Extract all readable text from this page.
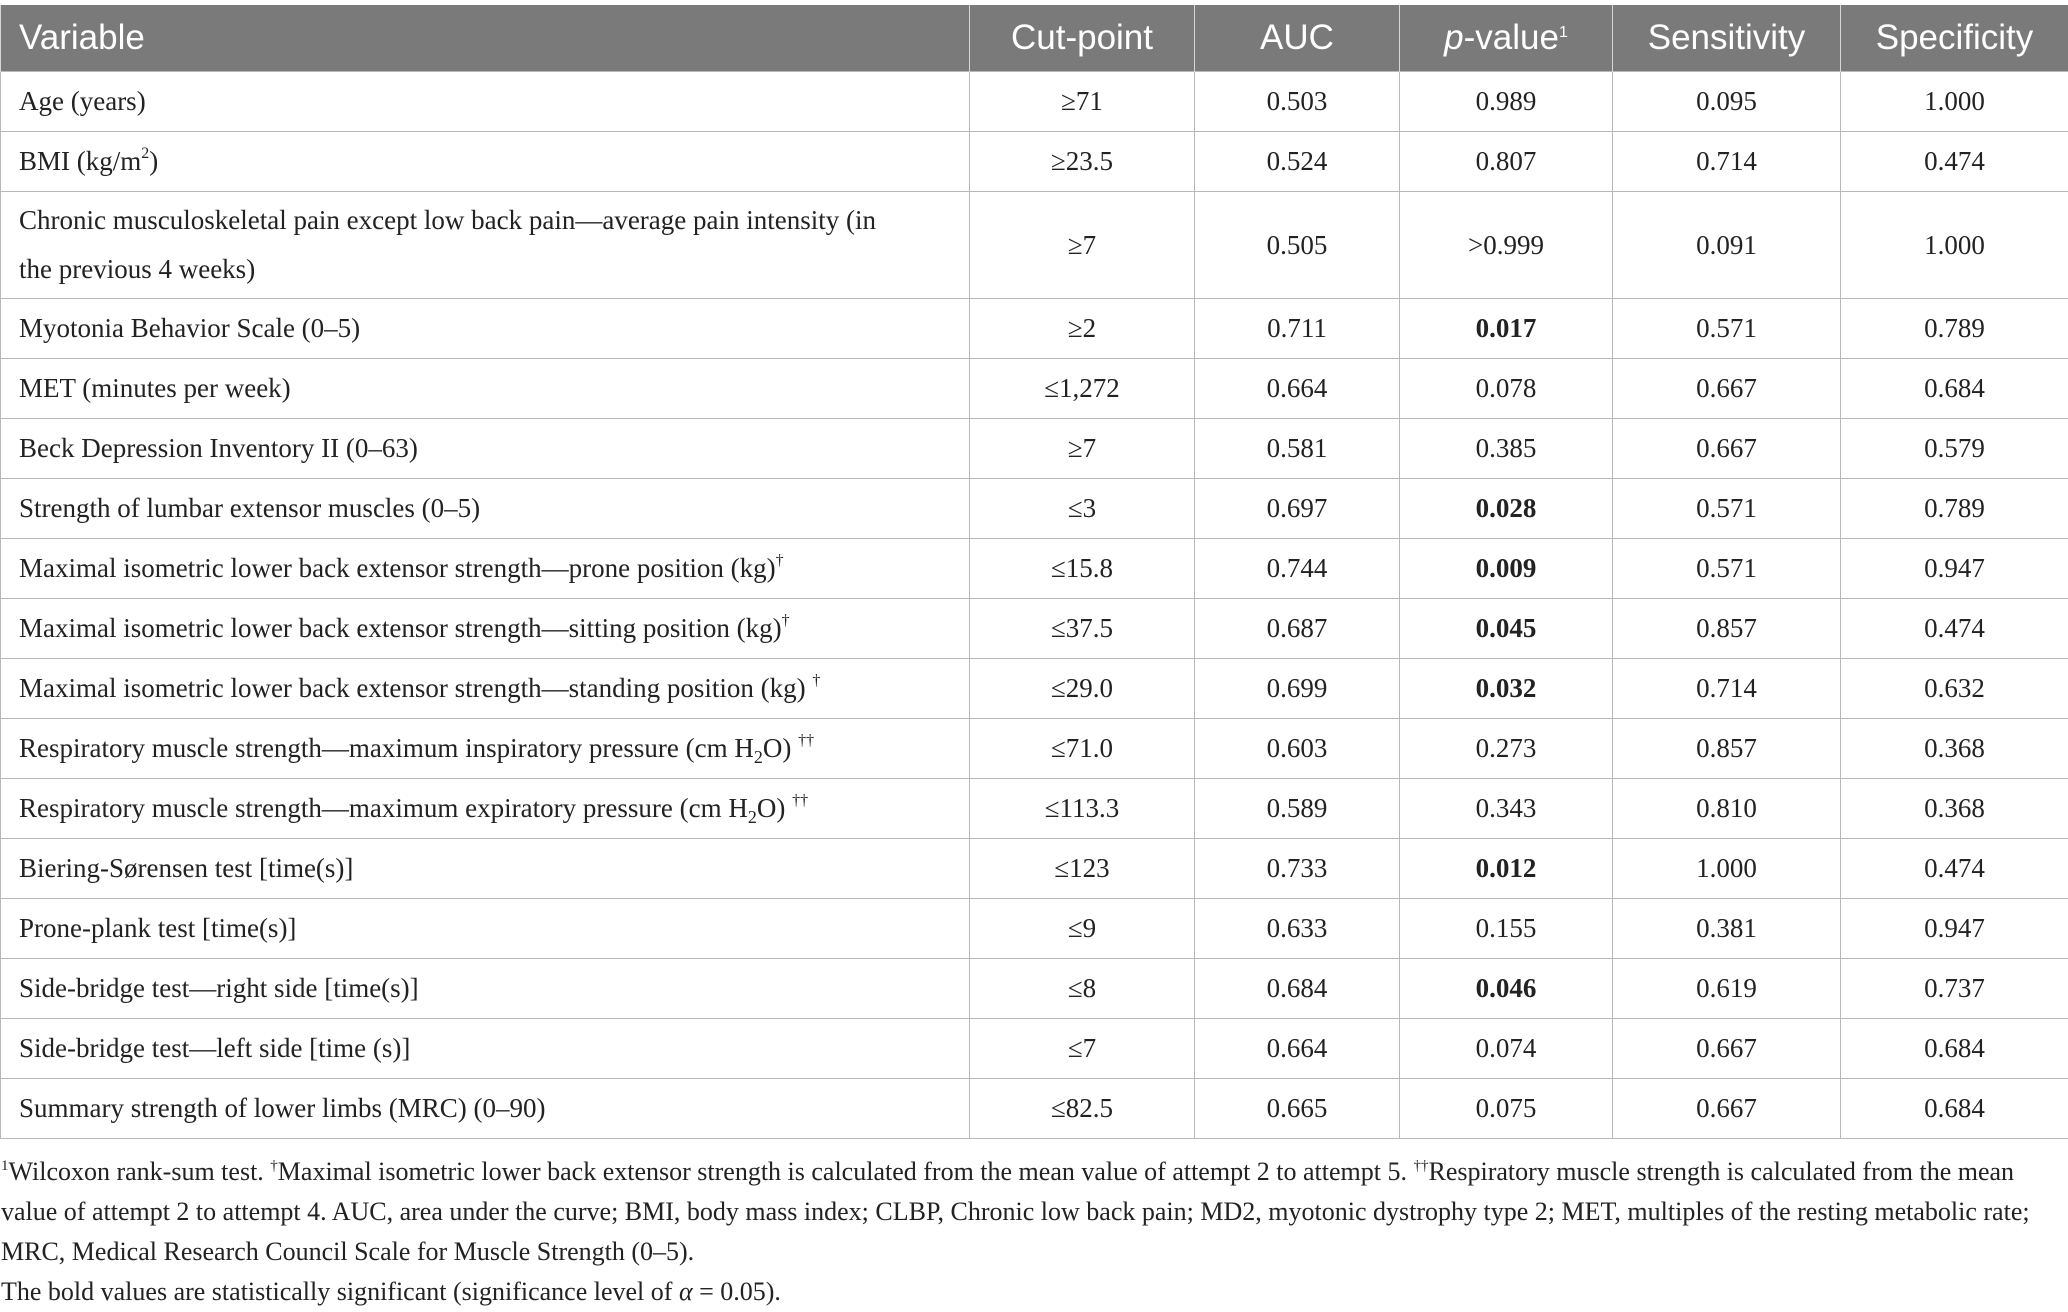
Variable	Cut-point	AUC	p-value$^1$	Sensitivity	Specificity
Age (years)	≥71	0.503	0.989	0.095	1.000
BMI $(kg/m^2)$	≥23.5	0.524	0.807	0.714	0.474
Chronic musculoskeletal pain except low back pain—average pain intensity (in
the previous 4 weeks)	≥7	0.505	>0.999	0.091	1.000
Myotonia Behavior Scale (0–5)	≥2	0.711	0.017	0.571	0.789
MET (minutes per week)	≤1,272	0.664	0.078	0.667	0.684
Beck Depression Inventory II (0–63)	≥7	0.581	0.385	0.667	0.579
Strength of lumbar extensor muscles (0–5)	≤3	0.697	0.028	0.571	0.789
Maximal isometric lower back extensor strength—prone position (kg)†	≤15.8	0.744	0.009	0.571	0.947
Maximal isometric lower back extensor strength—sitting position (kg)†	≤37.5	0.687	0.045	0.857	0.474
Maximal isometric lower back extensor strength—standing position (kg) †	≤29.0	0.699	0.032	0.714	0.632
Respiratory muscle strength—maximum inspiratory pressure (cm $H_2O$) ††	≤71.0	0.603	0.273	0.857	0.368
Respiratory muscle strength—maximum expiratory pressure (cm $H_2O$) ††	≤113.3	0.589	0.343	0.810	0.368
Biering-Sørensen test [time(s)]	≤123	0.733	0.012	1.000	0.474
Prone-plank test [time(s)]	≤9	0.633	0.155	0.381	0.947
Side-bridge test—right side [time(s)]	≤8	0.684	0.046	0.619	0.737
Side-bridge test—left side [time (s)]	≤7	0.664	0.074	0.667	0.684
Summary strength of lower limbs (MRC) (0–90)	≤82.5	0.665	0.075	0.667	0.684

$^1$Wilcoxon rank-sum test. †Maximal isometric lower back extensor strength is calculated from the mean value of attempt 2 to attempt 5. ††Respiratory muscle strength is calculated from the mean value of attempt 2 to attempt 4. AUC, area under the curve; BMI, body mass index; CLBP, Chronic low back pain; MD2, myotonic dystrophy type 2; MET, multiples of the resting metabolic rate; MRC, Medical Research Council Scale for Muscle Strength (0–5).

The bold values are statistically significant (significance level of α = 0.05).
